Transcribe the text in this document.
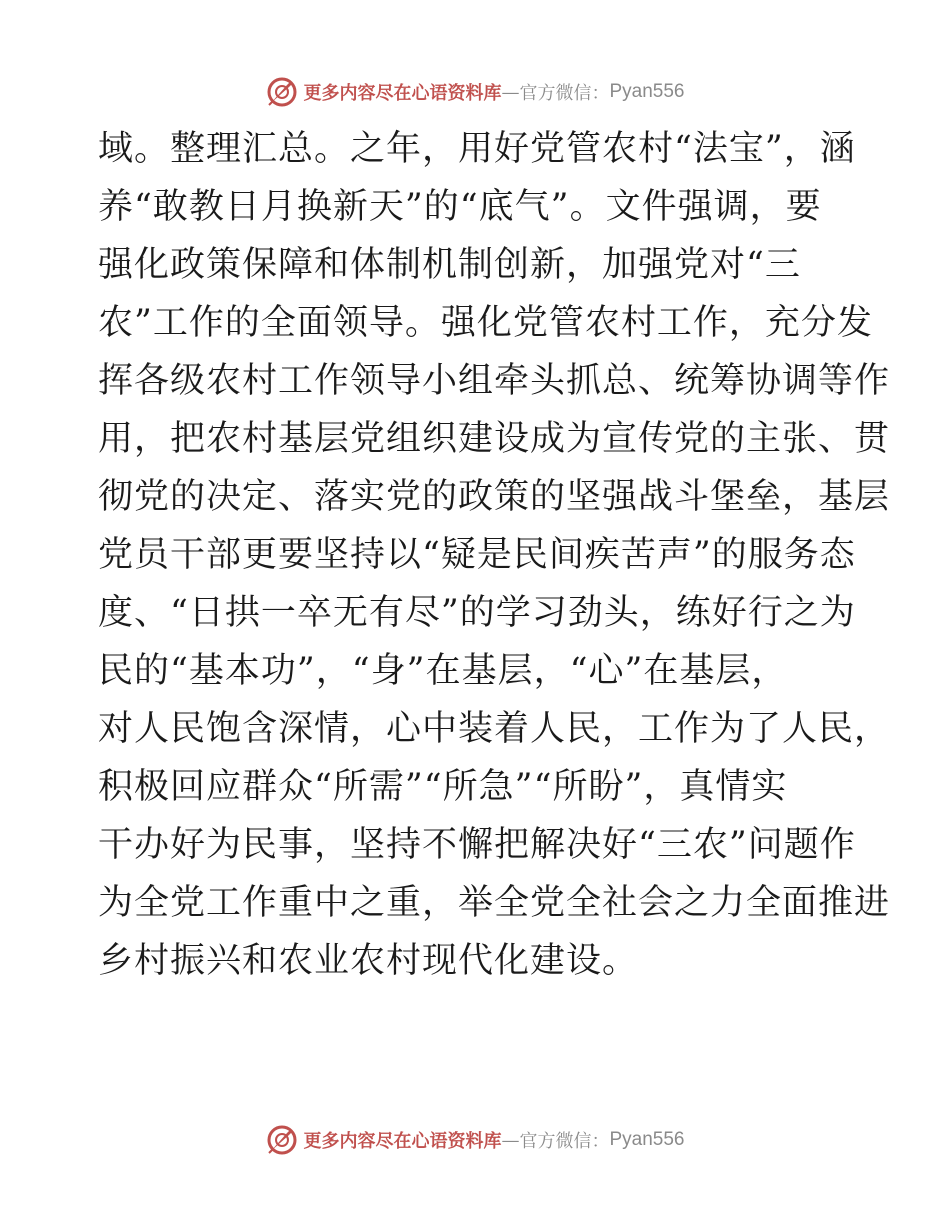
更多内容尽在心语资料库 — 官方微信： Pyan556
域。整理汇总。之年，用好党管农村“法宝”，涵
养“敢教日月换新天”的“底气”。文件强调，要
强化政策保障和体制机制创新，加强党对“三
农”工作的全面领导。强化党管农村工作，充分发
挥各级农村工作领导小组牵头抓总、统筹协调等作
用，把农村基层党组织建设成为宣传党的主张、贯
彻党的决定、落实党的政策的坚强战斗堡垒，基层
党员干部更要坚持以“疑是民间疾苦声”的服务态
度、“日拱一卒无有尽”的学习劲头，练好行之为
民的“基本功”，“身”在基层，“心”在基层，
对人民饱含深情，心中装着人民，工作为了人民，
积极回应群众“所需”“所急”“所盼”，真情实
干办好为民事，坚持不懈把解决好“三农”问题作
为全党工作重中之重，举全党全社会之力全面推进
乡村振兴和农业农村现代化建设。
更多内容尽在心语资料库 — 官方微信： Pyan556
